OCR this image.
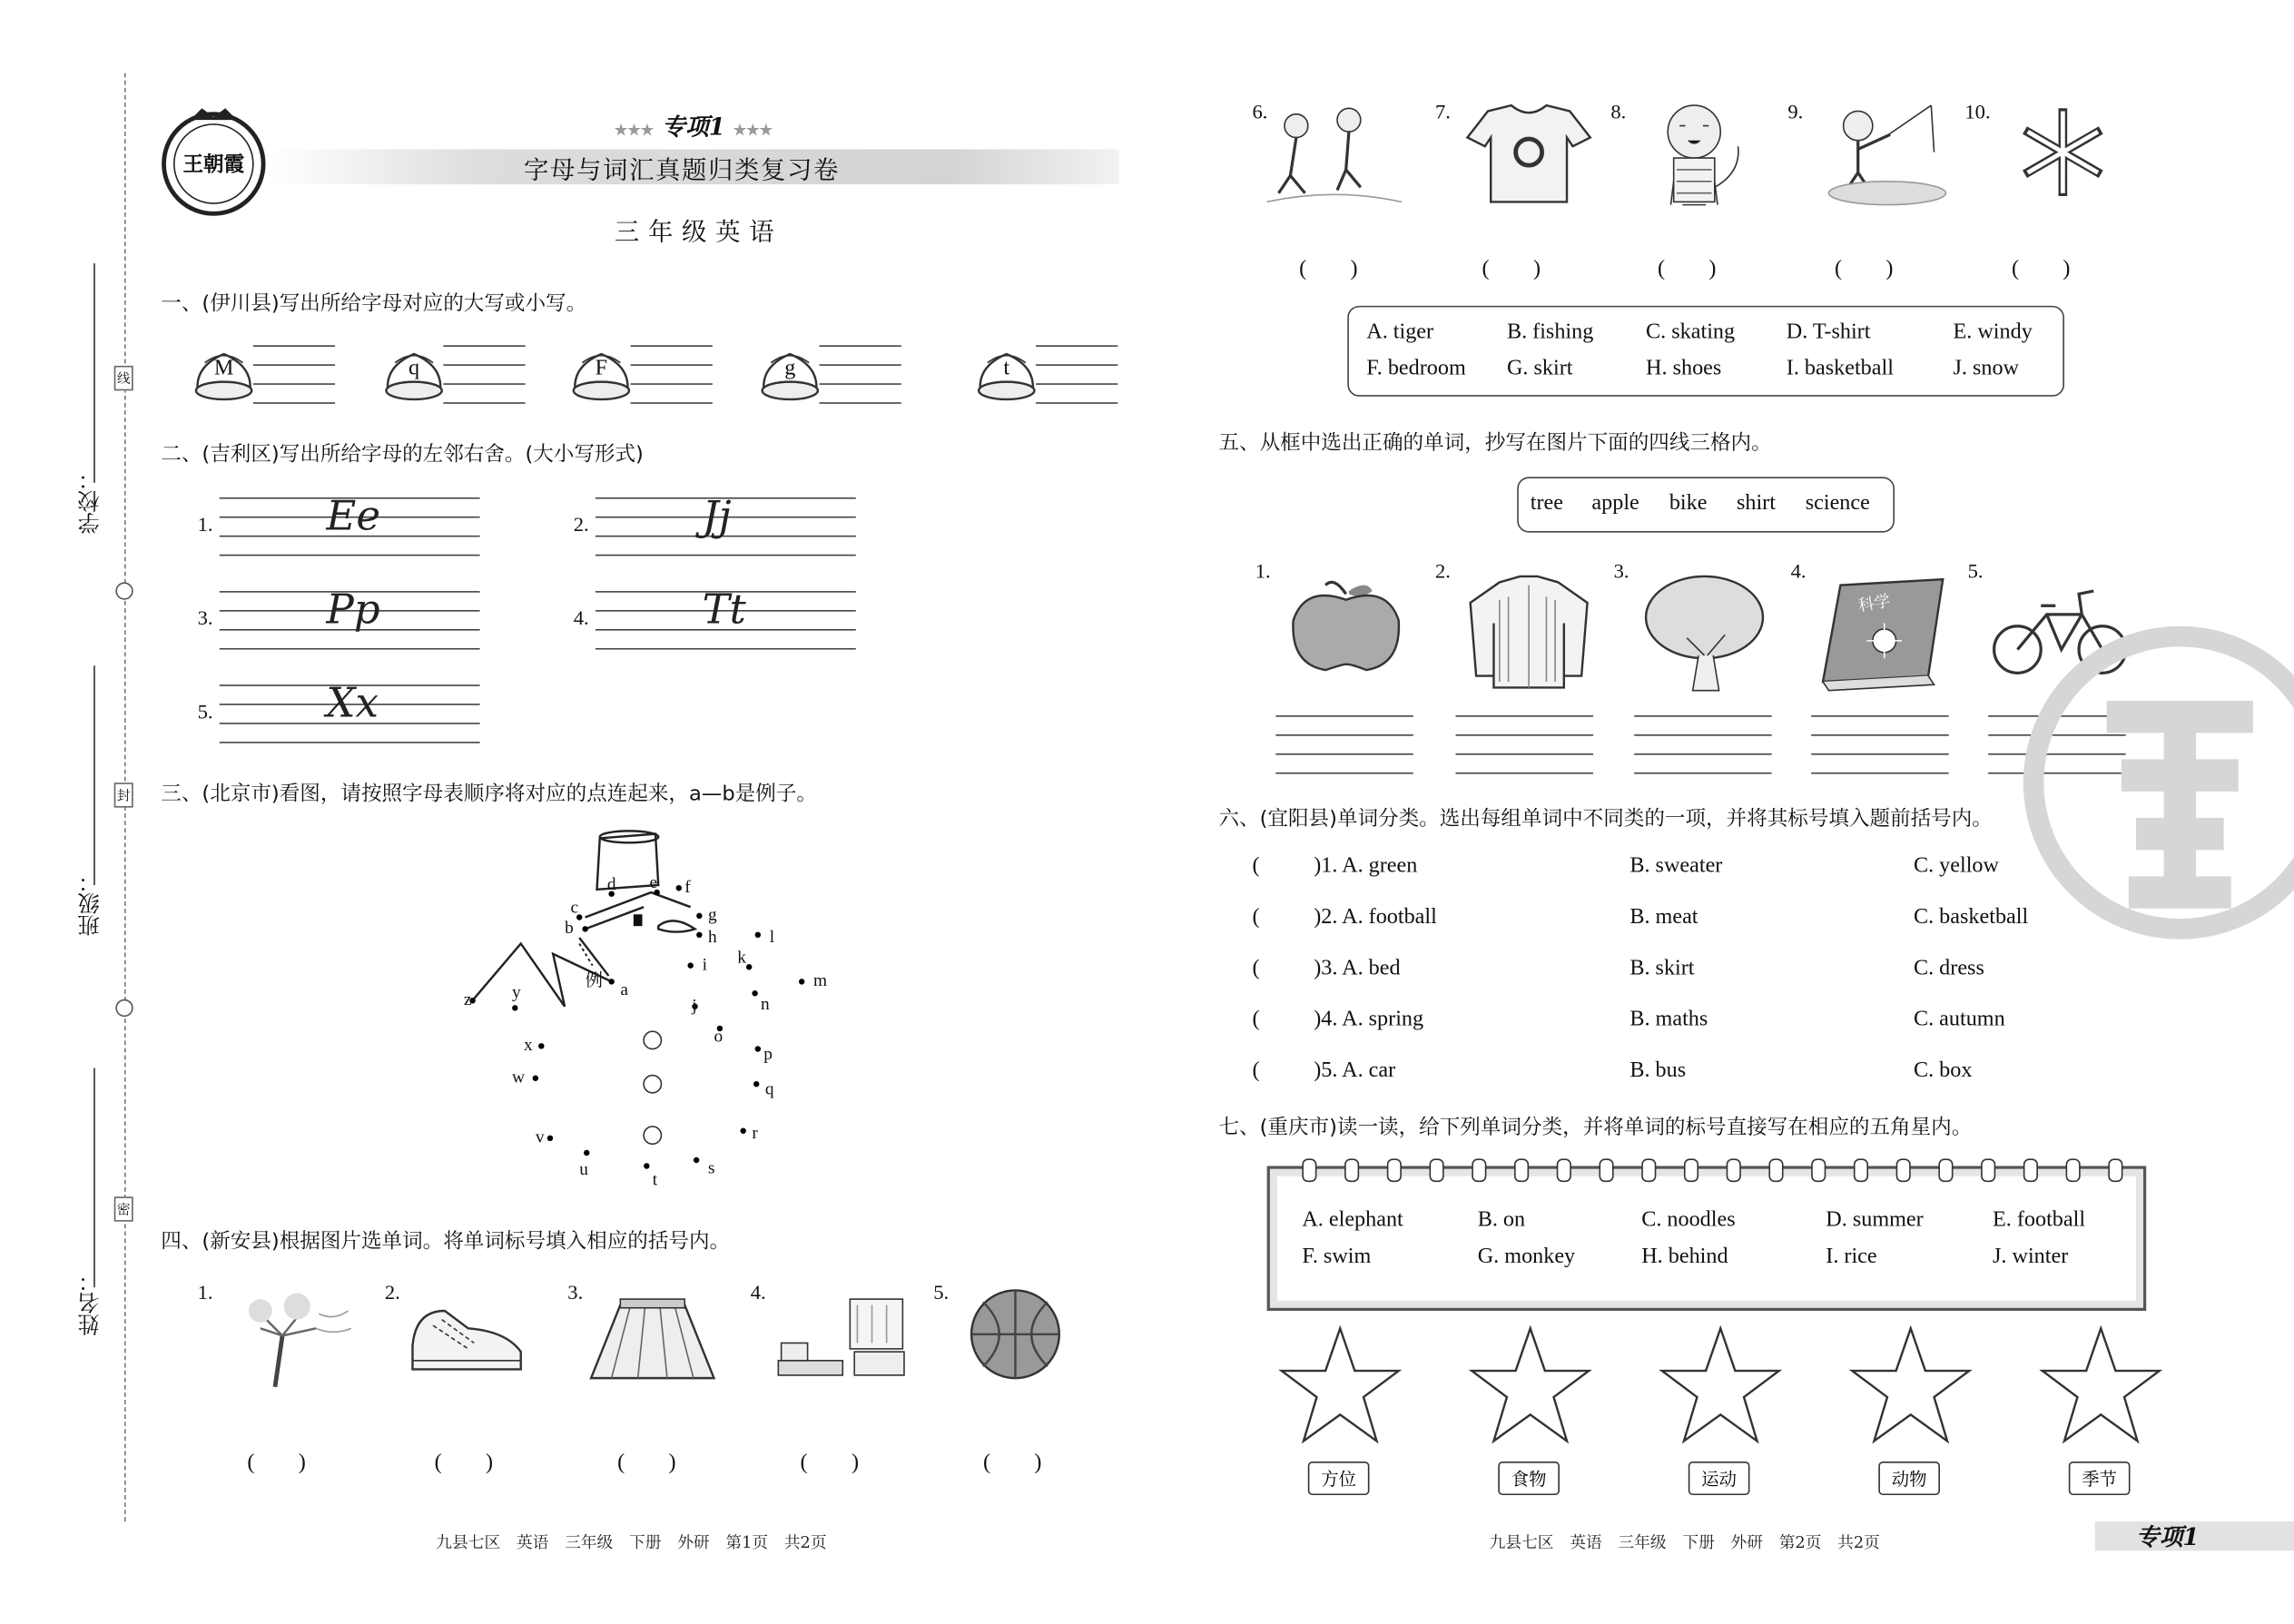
学校：
班级：
姓名：
线
封
密
王朝霞
★★★ 专项1 ★★★
字母与词汇真题归类复习卷
三年级英语
一、(伊川县)写出所给字母对应的大写或小写。
M	q	F	g	t
二、(吉利区)写出所给字母的左邻右舍。(大小写形式)
1.	Ee	2.	Jj
3.	Pp	4.	Tt
5.	Xx
三、(北京市)看图，请按照字母表顺序将对应的点连起来，a—b是例子。
例 a
b
c
d	e	f
g
h
i
j
k
l
m
n
o
p
q
r
s
t
u
v
w
x
y
z
四、(新安县)根据图片选单词。将单词标号填入相应的括号内。
1.
(　　)
2.
(　　)
3.
(　　)
4.
(　　)
5.
(　　)
6.
(　　)
7.
(　　)
8.
(　　)
9.
(　　)
10.
(　　)
A. tiger	B. fishing	C. skating	D. T-shirt	E. windy
F. bedroom	G. skirt	H. shoes	I. basketball	J. snow
五、从框中选出正确的单词，抄写在图片下面的四线三格内。
tree apple bike shirt science
1.	2.	3.	4.
科学
5.
六、(宜阳县)单词分类。选出每组单词中不同类的一项，并将其标号填入题前括号内。
(	)1. A. green	B. sweater	C. yellow
(	)2. A. football	B. meat	C. basketball
(	)3. A. bed	B. skirt	C. dress
(	)4. A. spring	B. maths	C. autumn
(	)5. A. car	B. bus	C. box
七、(重庆市)读一读，给下列单词分类，并将单词的标号直接写在相应的五角星内。
A. elephant	B. on	C. noodles	D. summer	E. football
F. swim	G. monkey	H. behind	I. rice	J. winter
方位	食物	运动	动物	季节
九县七区　英语　三年级　下册　外研　第1页　共2页	九县七区　英语　三年级　下册　外研　第2页　共2页	专项1
